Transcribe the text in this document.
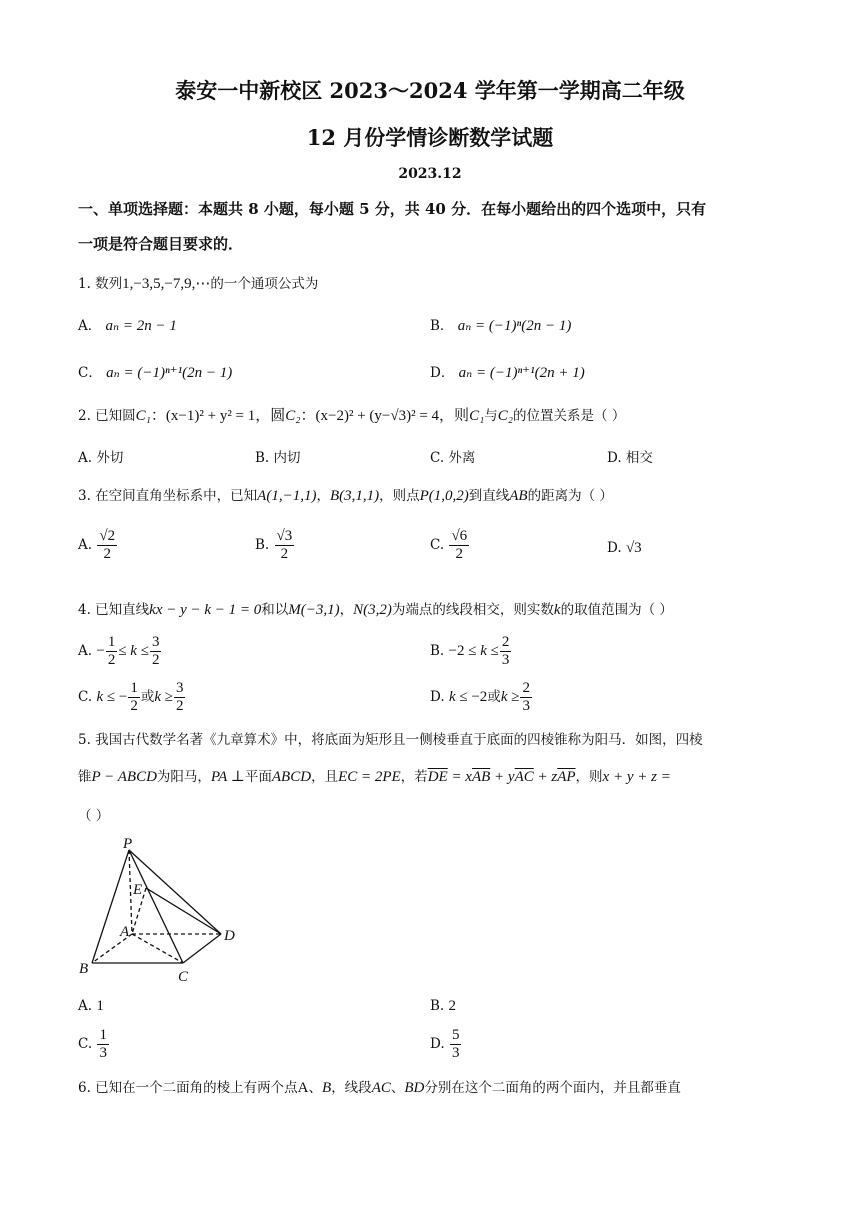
泰安一中新校区 2023～2024 学年第一学期高二年级
12 月份学情诊断数学试题
2023.12
一、单项选择题：本题共 8 小题，每小题 5 分，共 40 分．在每小题给出的四个选项中，只有
一项是符合题目要求的．
1. 数列1,−3,5,−7,9,⋯的一个通项公式为
A． aₙ = 2n − 1	B． aₙ = (−1)ⁿ(2n − 1)
C． aₙ = (−1)ⁿ⁺¹(2n − 1)	D． aₙ = (−1)ⁿ⁺¹(2n + 1)
2. 已知圆C₁：(x−1)² + y² = 1，圆C₂：(x−2)² + (y−√3)² = 4，则C₁与C₂的位置关系是（ ）
A. 外切	B. 内切	C. 外离	D. 相交
3. 在空间直角坐标系中，已知A(1,−1,1)，B(3,1,1)，则点P(1,0,2)到直线AB的距离为（ ）
A. $\frac{√2}{2}$	B. $\frac{√3}{2}$	C. $\frac{√6}{2}$	D. √3
4. 已知直线kx − y − k − 1 = 0和以M(−3,1)，N(3,2)为端点的线段相交，则实数k的取值范围为（ ）
A. − $\frac{1}{2} \le k \le \frac{3}{2}$	B. $-2 \le k \le \frac{2}{3}$
C. k ≤ − $\frac{1}{2}$ 或$k \ge \frac{3}{2}$	D. k ≤ −2或$k \ge \frac{2}{3}$
5. 我国古代数学名著《九章算术》中，将底面为矩形且一侧棱垂直于底面的四棱锥称为阳马．如图，四棱
锥P − ABCD为阳马，PA ⊥平面ABCD，且EC = 2PE，若$\overline{DE} = x\overline{AB} + y\overline{AC} + z\overline{AP}$，则x + y + z =
（ ）
P
E
A	D
B	C
A. 1	B. 2
C. $\frac{1}{3}$	D. $\frac{5}{3}$
6. 已知在一个二面角的棱上有两个点A、B，线段AC、BD分别在这个二面角的两个面内，并且都垂直
